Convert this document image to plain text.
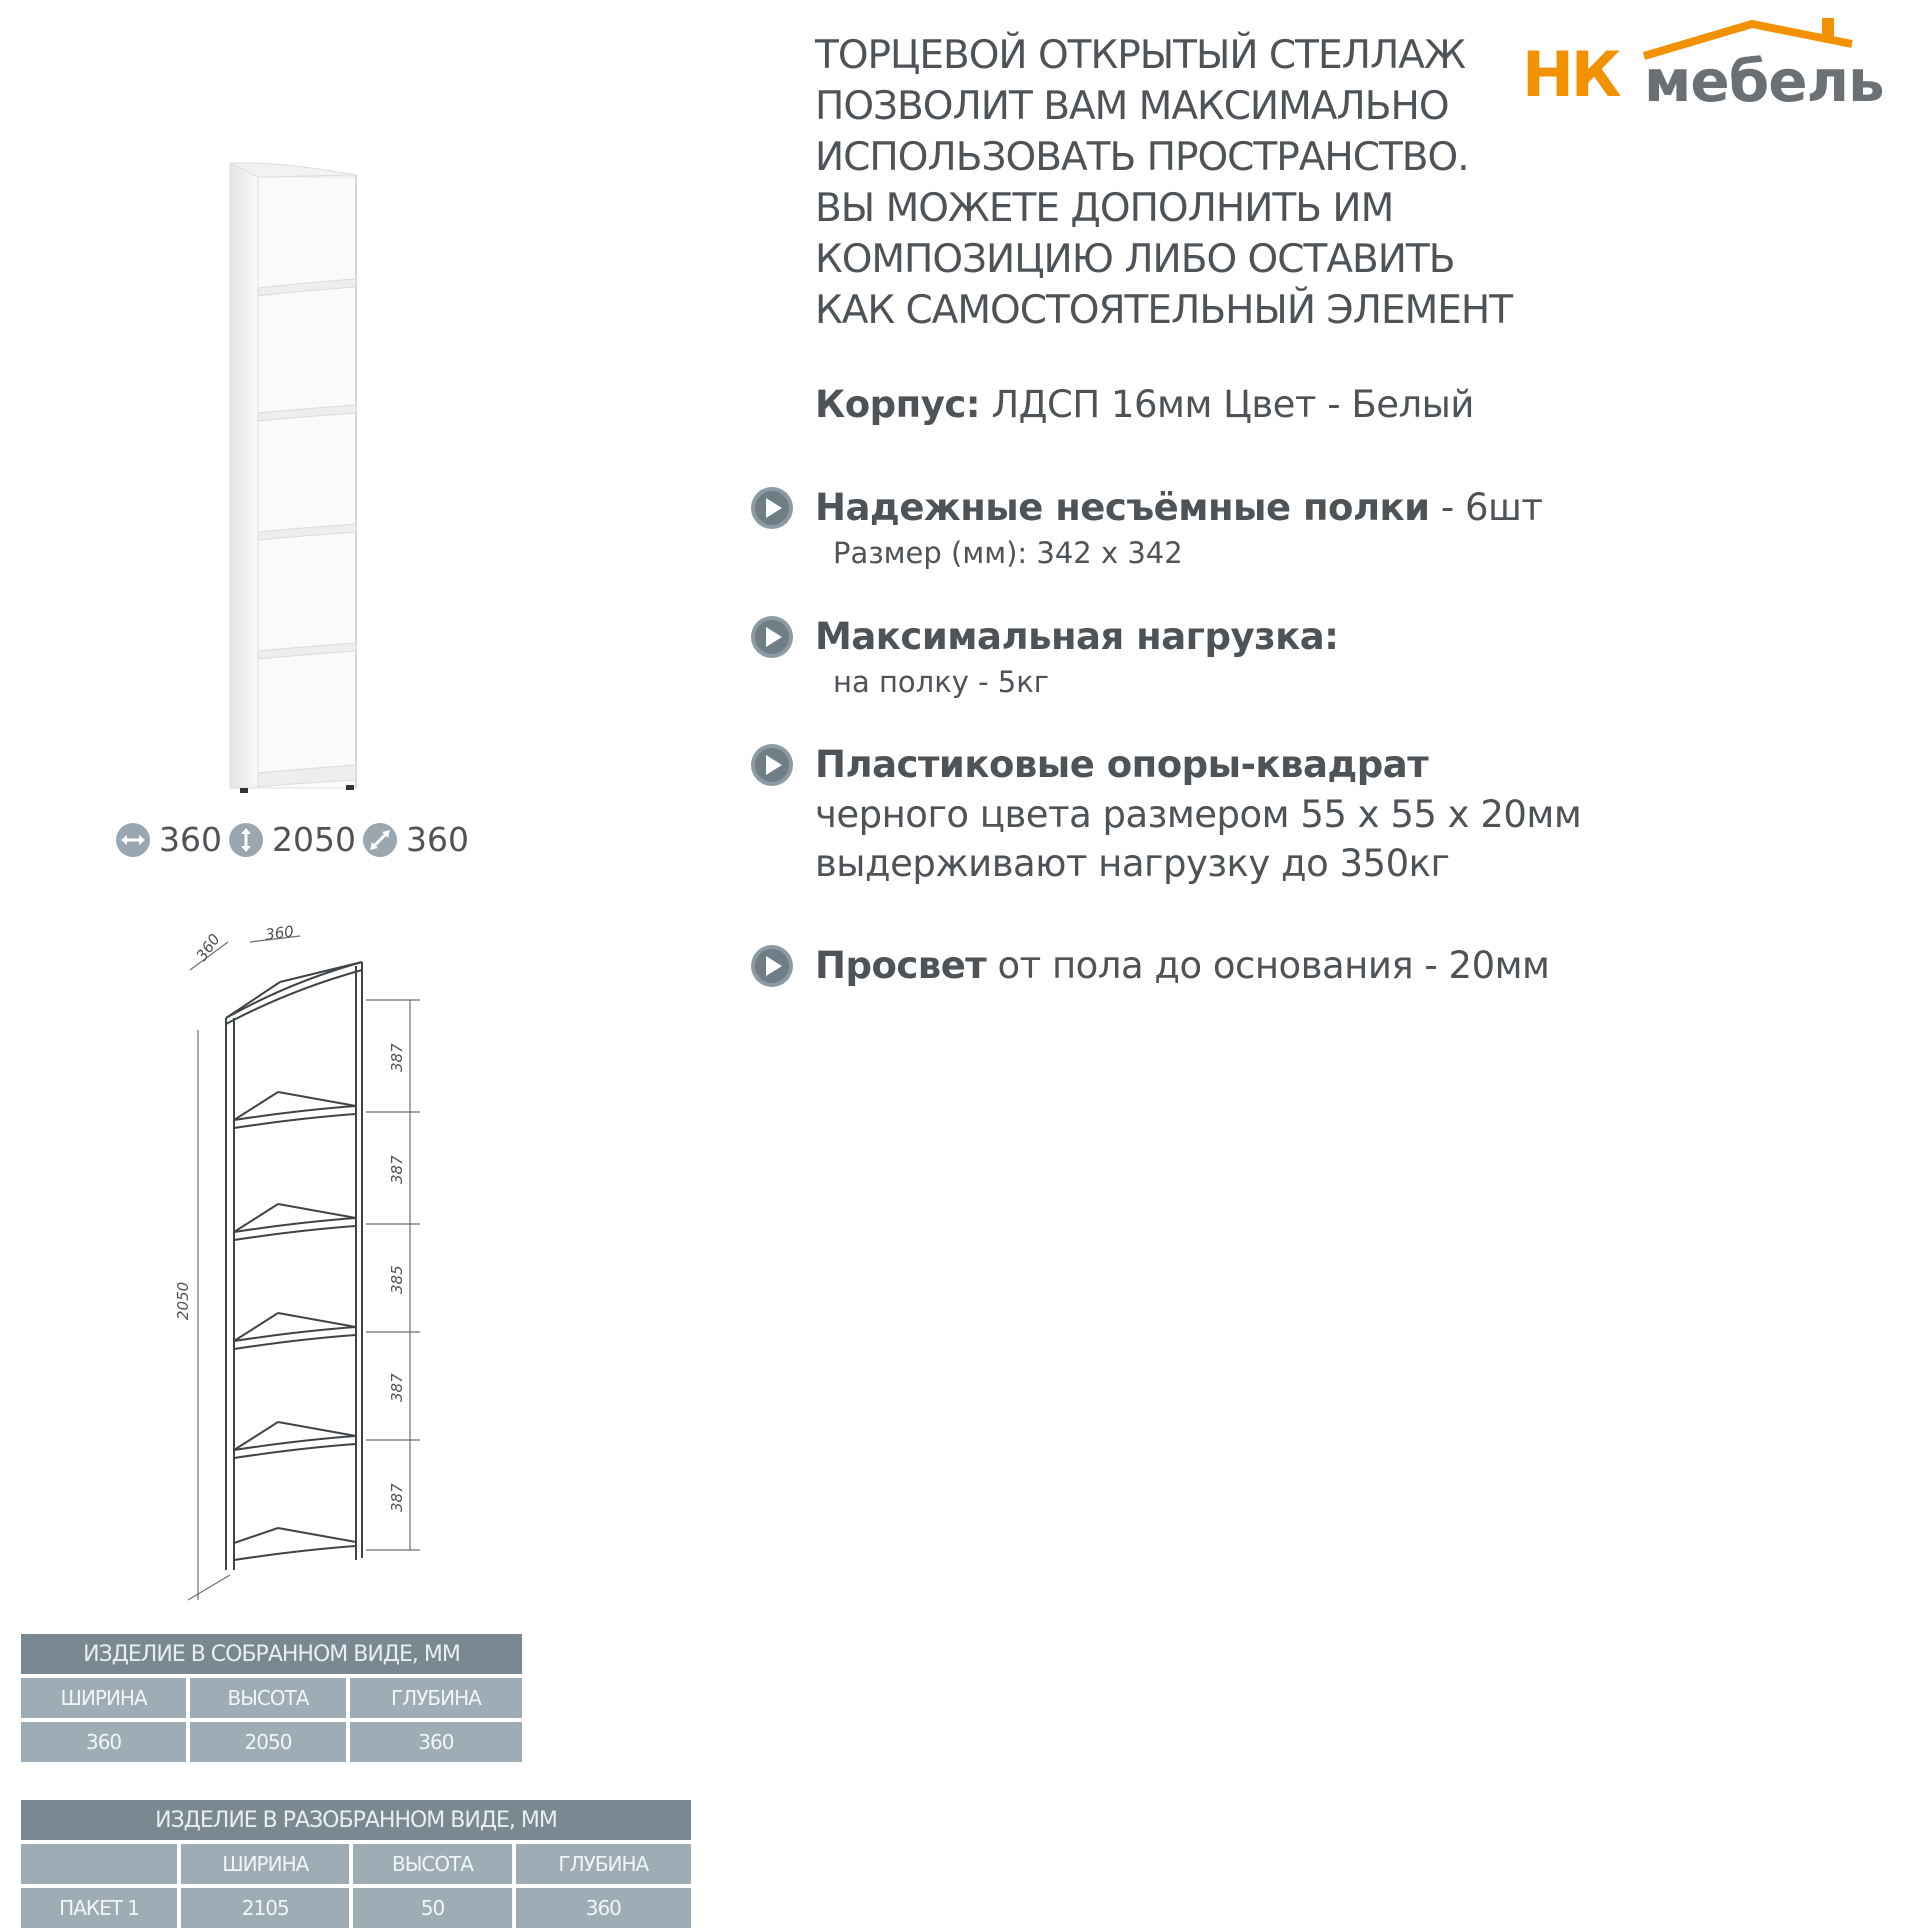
НК мебель
ТОРЦЕВОЙ ОТКРЫТЫЙ СТЕЛЛАЖ
ПОЗВОЛИТ ВАМ МАКСИМАЛЬНО
ИСПОЛЬЗОВАТЬ ПРОСТРАНСТВО.
ВЫ МОЖЕТЕ ДОПОЛНИТЬ ИМ
КОМПОЗИЦИЮ ЛИБО ОСТАВИТЬ
КАК САМОСТОЯТЕЛЬНЫЙ ЭЛЕМЕНТ
Корпус: ЛДСП 16мм Цвет - Белый
Надежные несъёмные полки - 6шт
Размер (мм): 342 х 342
Максимальная нагрузка:
на полку - 5кг
Пластиковые опоры-квадрат
черного цвета размером 55 х 55 х 20мм
выдерживают нагрузку до 350кг
Просвет от пола до основания - 20мм
360 2050 360
360	360
2050
387
387
385
387
387
ИЗДЕЛИЕ В СОБРАННОМ ВИДЕ, ММ		
ШИРИНА	ВЫСОТА	ГЛУБИНА
360	2050	360
ИЗДЕЛИЕ В РАЗОБРАННОМ ВИДЕ, ММ			
	ШИРИНА	ВЫСОТА	ГЛУБИНА
ПАКЕТ 1	2105	50	360
